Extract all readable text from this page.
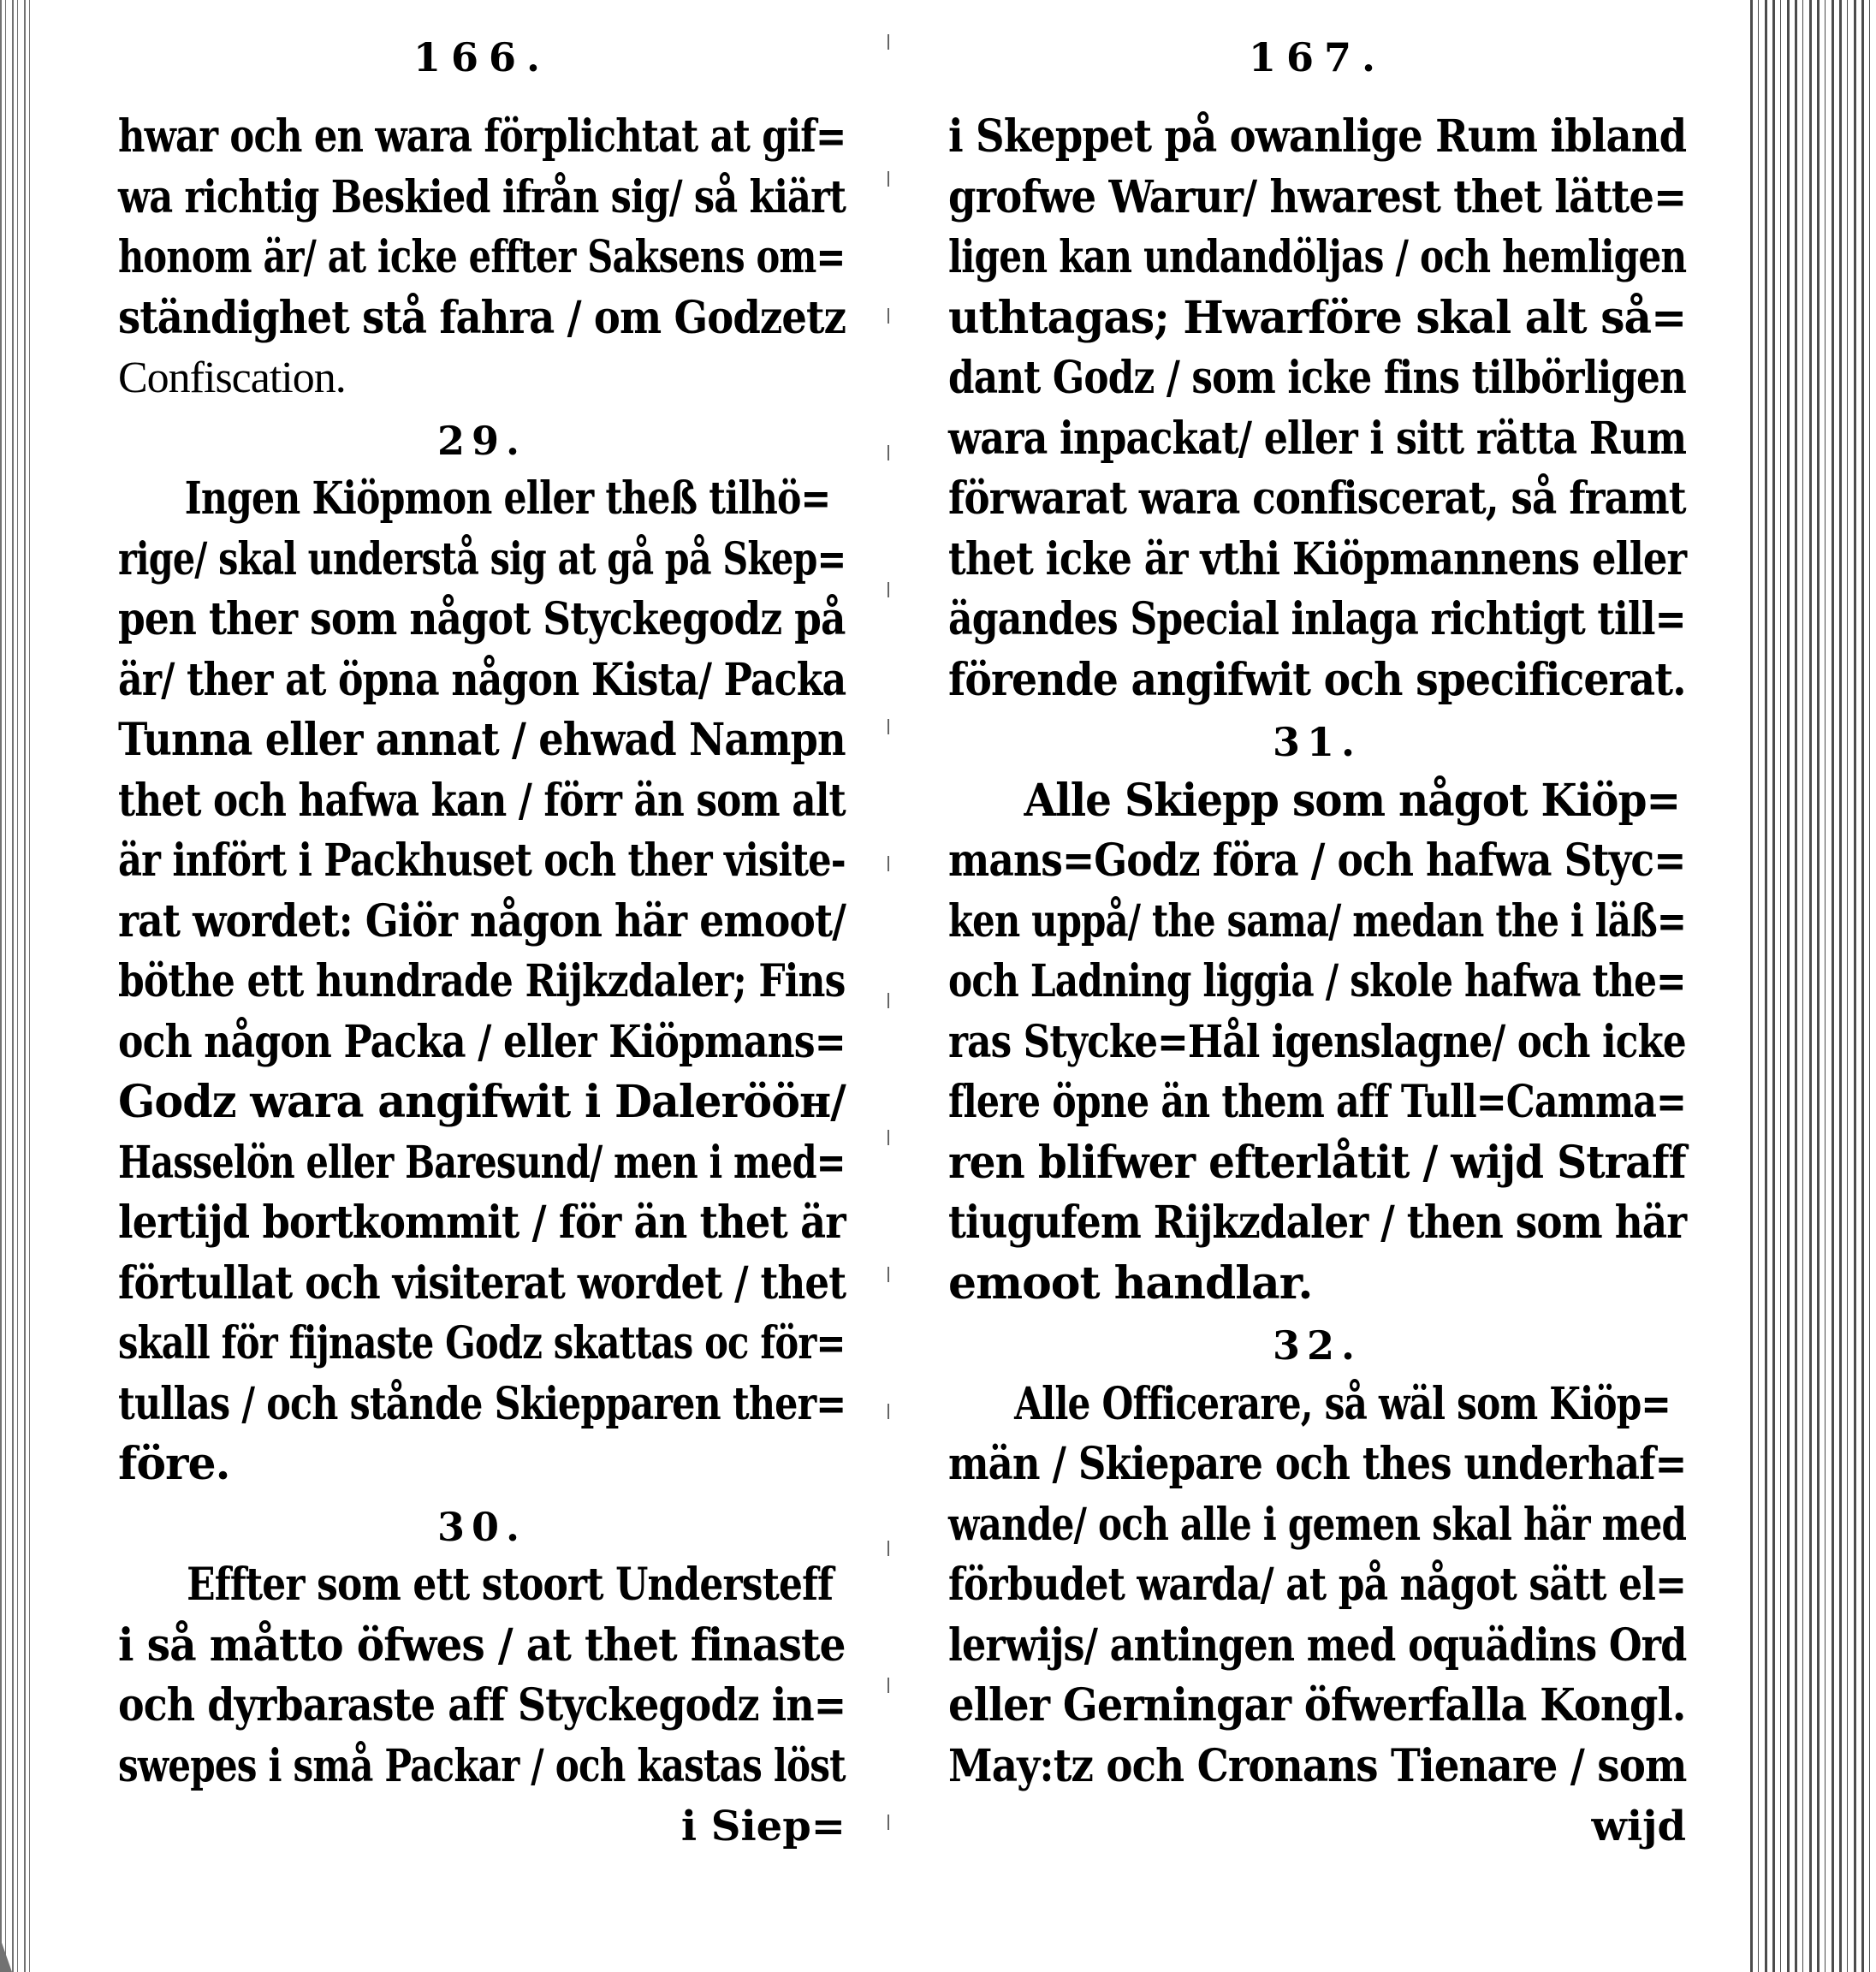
166.
hwar och en wara förplichtat at gif=
wa richtig Beskied ifrån sig/ så kiärt
honom är/ at icke effter Saksens om=
ständighet stå fahra / om Godzetz
Confiscation.
29.
Ingen Kiöpmon eller theß tilhö=
rige/ skal understå sig at gå på Skep=
pen ther som något Styckegodz på
är/ ther at öpna någon Kista/ Packa
Tunna eller annat / ehwad Nampn
thet och hafwa kan / förr än som alt
är infört i Packhuset och ther visite-
rat wordet: Giör någon här emoot/
böthe ett hundrade Rijkzdaler; Fins
och någon Packa / eller Kiöpmans=
Godz wara angifwit i Dalerööн/
Hasselön eller Baresund/ men i med=
lertijd bortkommit / för än thet är
förtullat och visiterat wordet / thet
skall för fijnaste Godz skattas oc för=
tullas / och stånde Skiepparen ther=
före.
30.
Effter som ett stoort Understeff
i så måtto öfwes / at thet finaste
och dyrbaraste aff Styckegodz in=
swepes i små Packar / och kastas löst
i Siep=
167.
i Skeppet på owanlige Rum ibland
grofwe Warur/ hwarest thet lätte=
ligen kan undandöljas / och hemligen
uthtagas; Hwarföre skal alt så=
dant Godz / som icke fins tilbörligen
wara inpackat/ eller i sitt rätta Rum
förwarat wara confiscerat, så framt
thet icke är vthi Kiöpmannens eller
ägandes Special inlaga richtigt till=
förende angifwit och specificerat.
31.
Alle Skiepp som något Kiöp=
mans=Godz föra / och hafwa Styc=
ken uppå/ the sama/ medan the i läß=
och Ladning liggia / skole hafwa the=
ras Stycke=Hål igenslagne/ och icke
flere öpne än them aff Tull=Camma=
ren blifwer efterlåtit / wijd Straff
tiugufem Rijkzdaler / then som här
emoot handlar.
32.
Alle Officerare, så wäl som Kiöp=
män / Skiepare och thes underhaf=
wande/ och alle i gemen skal här med
förbudet warda/ at på något sätt el=
lerwijs/ antingen med oquädins Ord
eller Gerningar öfwerfalla Kongl.
May:tz och Cronans Tienare / som
wijd
